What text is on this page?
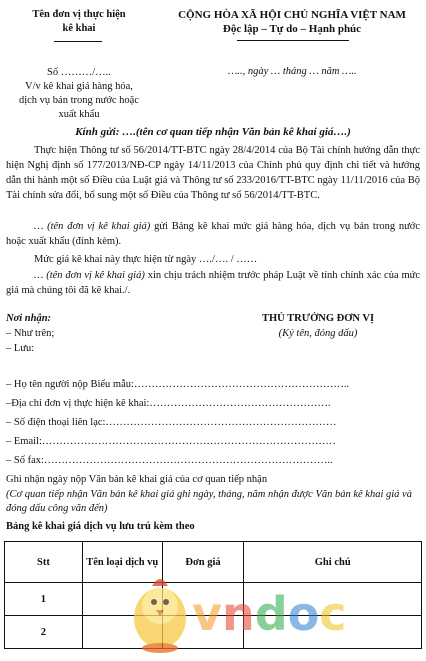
Tên đơn vị thực hiện
kê khai
CỘNG HÒA XÃ HỘI CHỦ NGHĨA VIỆT NAM
Độc lập – Tự do – Hạnh phúc
Số ………/…..
V/v kê khai giá hàng hóa,
dịch vụ bán trong nước hoặc
xuất khẩu
….., ngày … tháng … năm …..
Kính gửi: ….(tên cơ quan tiếp nhận Văn bản kê khai giá….)
Thực hiện Thông tư số 56/2014/TT-BTC ngày 28/4/2014 của Bộ Tài chính hướng dẫn thực hiện Nghị định số 177/2013/NĐ-CP ngày 14/11/2013 của Chính phủ quy định chi tiết và hướng dẫn thi hành một số Điều của Luật giá và Thông tư số 233/2016/TT-BTC ngày 11/11/2016 của Bộ Tài chính sửa đổi, bổ sung một số Điều của Thông tư số 56/2014/TT-BTC.
… (tên đơn vị kê khai giá) gửi Bảng kê khai mức giá hàng hóa, dịch vụ bán trong nước hoặc xuất khẩu (đính kèm).
Mức giá kê khai này thực hiện từ ngày …./…. / ……
… (tên đơn vị kê khai giá) xin chịu trách nhiệm trước pháp Luật về tính chính xác của mức giá mà chúng tôi đã kê khai./.
Nơi nhận:
– Như trên;
– Lưu:
THỦ TRƯỞNG ĐƠN VỊ
(Ký tên, đóng dấu)
– Họ tên người nộp Biểu mẫu:……………………………………………………..
–Địa chỉ đơn vị thực hiện kê khai:…………………………………………….
– Số điện thoại liên lạc:…………………………………………………………
– Email:…………………………………………………………………………
– Số fax:………………………………………………………………………..
Ghi nhận ngày nộp Văn bản kê khai giá của cơ quan tiếp nhận
(Cơ quan tiếp nhận Văn bản kê khai giá ghi ngày, tháng, năm nhận được Văn bản kê khai giá và đóng dấu công văn đến)
Bảng kê khai giá dịch vụ lưu trú kèm theo
Stt	Tên loại dịch vụ	Đơn giá	Ghi chú
1			
2				vndoc
